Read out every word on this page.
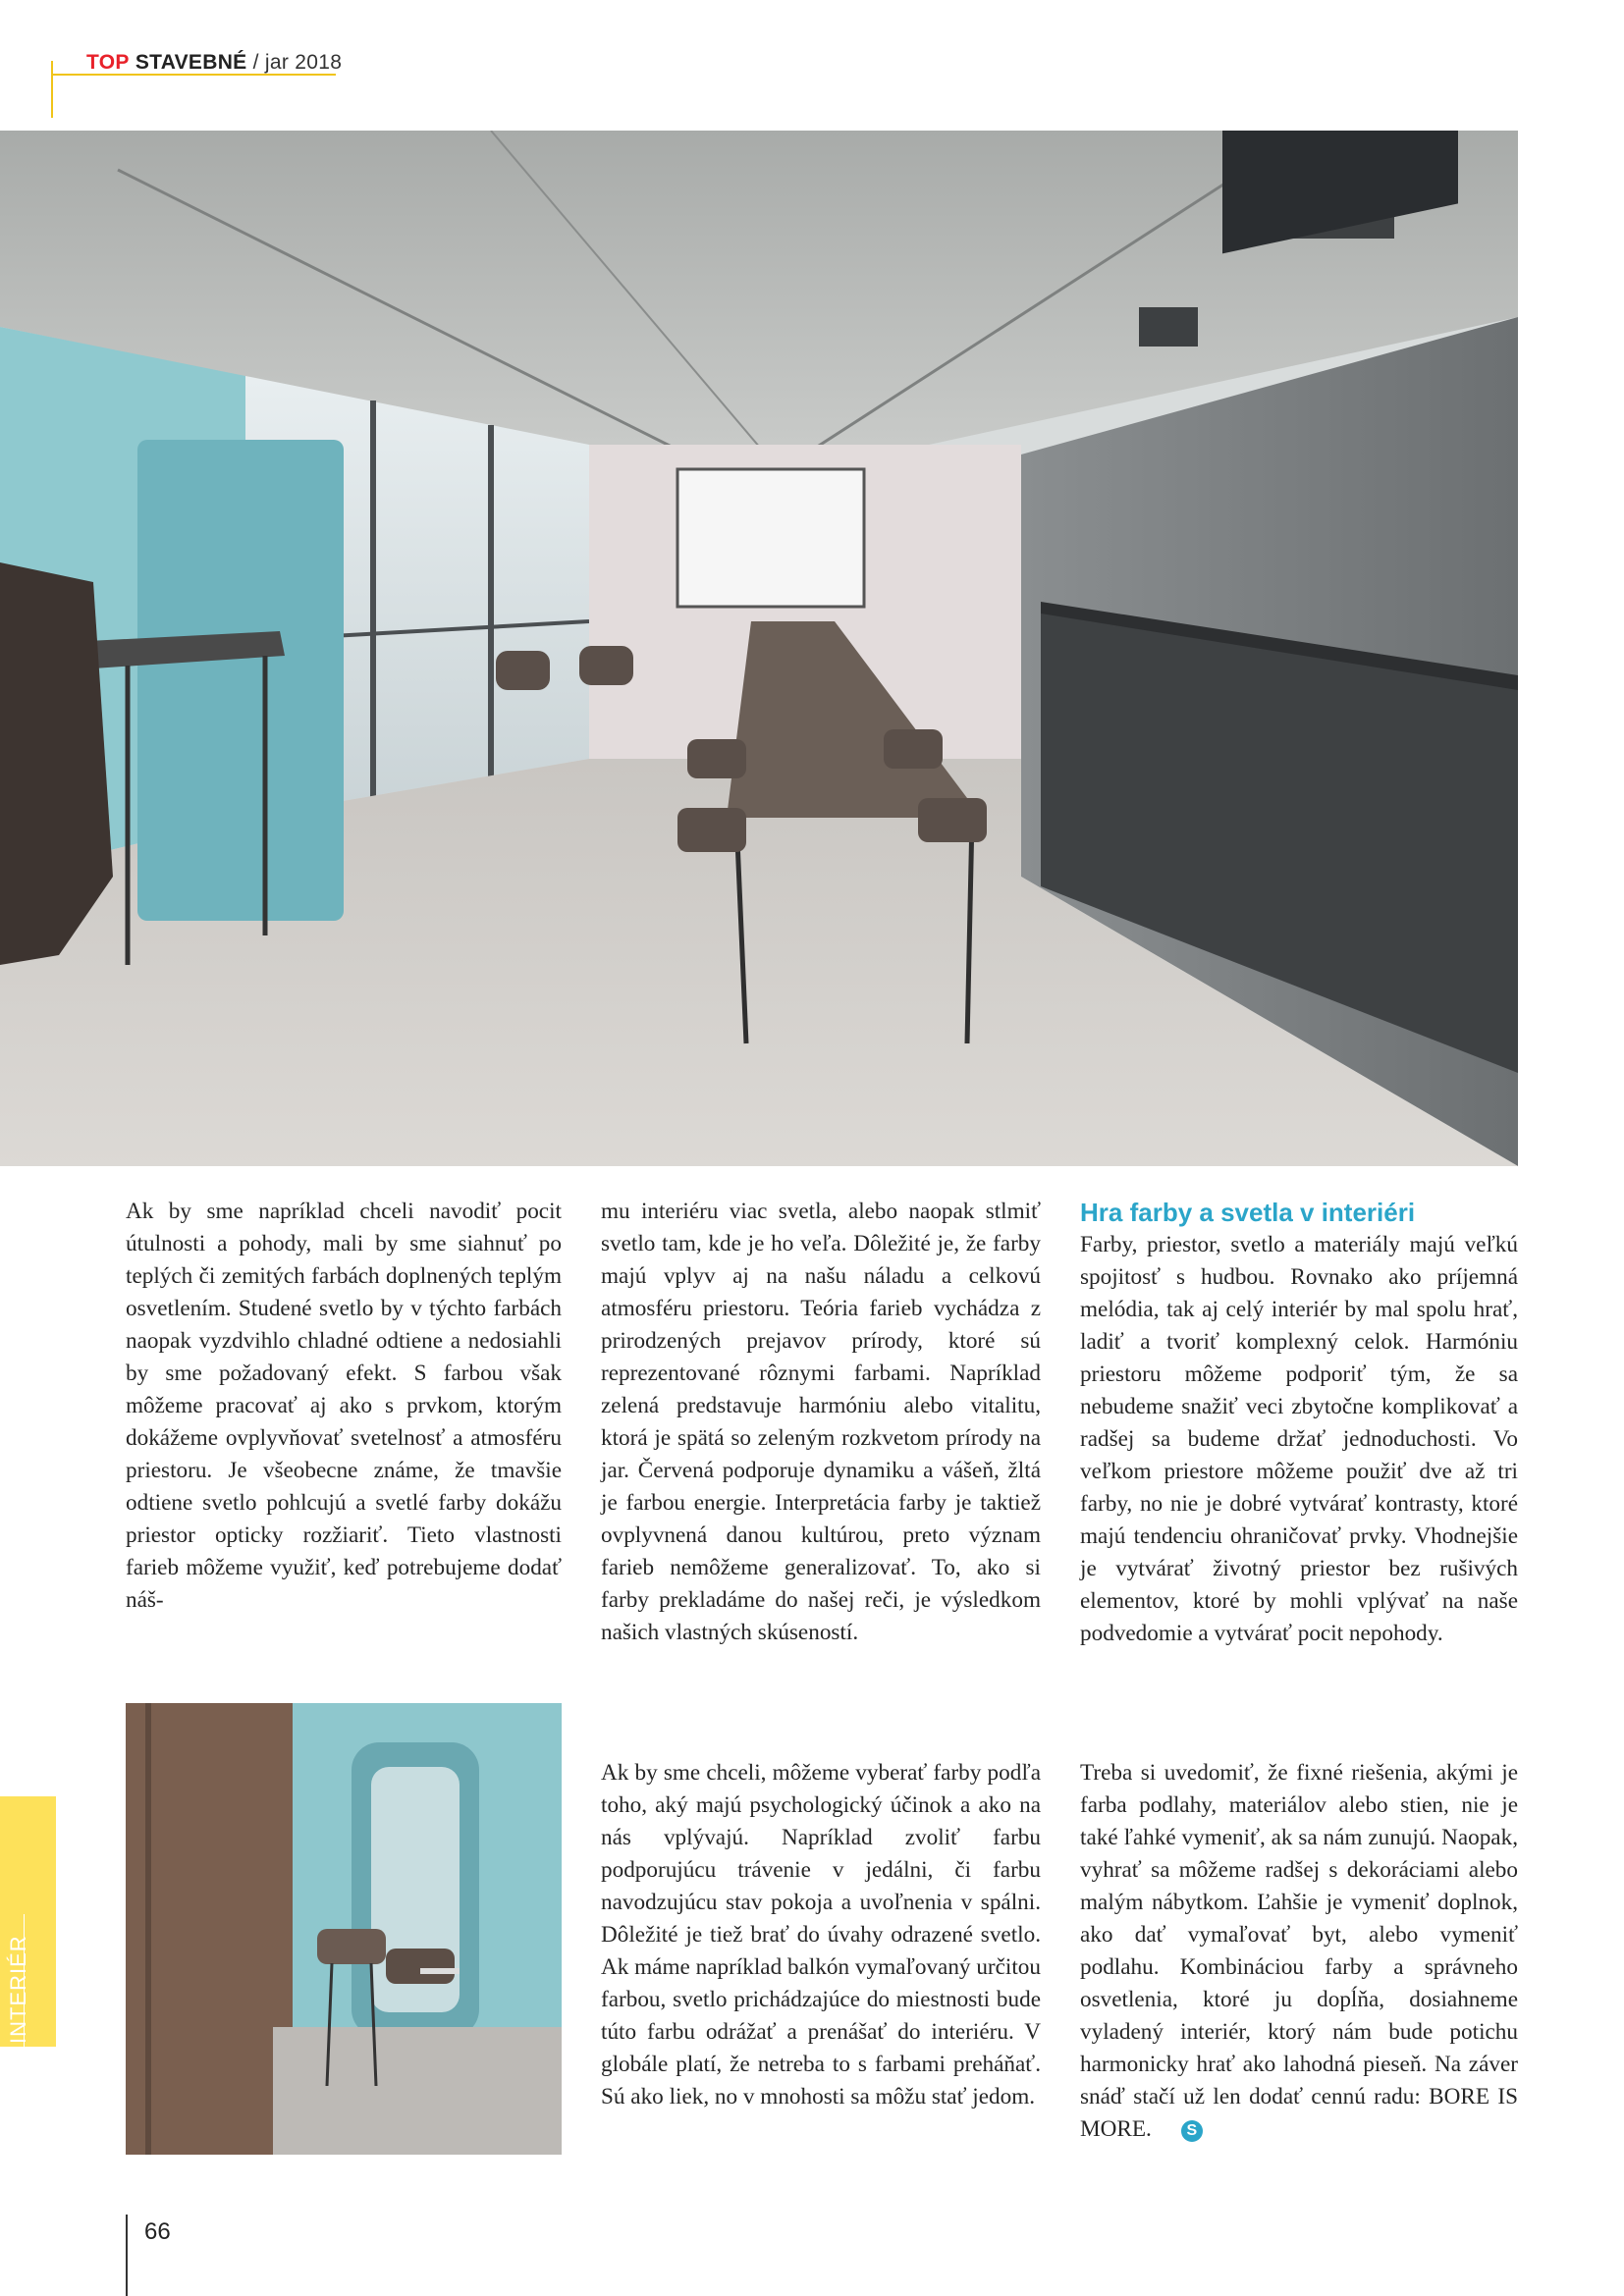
TOP STAVEBNÉ / jar 2018

Ak by sme napríklad chceli navodiť pocit útulnosti a pohody, mali by sme siahnuť po teplých či zemitých farbách doplnených teplým osvetlením. Studené svetlo by v týchto farbách naopak vyzdvihlo chladné odtiene a nedosiahli by sme požadovaný efekt. S farbou však môžeme pracovať aj ako s prvkom, ktorým dokážeme ovplyvňovať svetelnosť a atmosféru priestoru. Je všeobecne známe, že tmavšie odtiene svetlo pohlcujú a svetlé farby dokážu priestor opticky rozžiariť. Tieto vlastnosti farieb môžeme využiť, keď potrebujeme dodať náš-

mu interiéru viac svetla, alebo naopak stlmiť svetlo tam, kde je ho veľa. Dôležité je, že farby majú vplyv aj na našu náladu a celkovú atmosféru priestoru. Teória farieb vychádza z prirodzených prejavov prírody, ktoré sú reprezentované rôznymi farbami. Napríklad zelená predstavuje harmóniu alebo vitalitu, ktorá je spätá so zeleným rozkvetom prírody na jar. Červená podporuje dynamiku a vášeň, žltá je farbou energie. Interpretácia farby je taktiež ovplyvnená danou kultúrou, preto význam farieb nemôžeme generalizovať. To, ako si farby prekladáme do našej reči, je výsledkom našich vlastných skúseností.

Ak by sme chceli, môžeme vyberať farby podľa toho, aký majú psychologický účinok a ako na nás vplývajú. Napríklad zvoliť farbu podporujúcu trávenie v jedálni, či farbu navodzujúcu stav pokoja a uvoľnenia v spálni. Dôležité je tiež brať do úvahy odrazené svetlo. Ak máme napríklad balkón vymaľovaný určitou farbou, svetlo prichádzajúce do miestnosti bude túto farbu odrážať a prenášať do interiéru. V globále platí, že netreba to s farbami preháňať. Sú ako liek, no v mnohosti sa môžu stať jedom.

Hra farby a svetla v interiéri

Farby, priestor, svetlo a materiály majú veľkú spojitosť s hudbou. Rovnako ako príjemná melódia, tak aj celý interiér by mal spolu hrať, ladiť a tvoriť komplexný celok. Harmóniu priestoru môžeme podporiť tým, že sa nebudeme snažiť veci zbytočne komplikovať a radšej sa budeme držať jednoduchosti. Vo veľkom priestore môžeme použiť dve až tri farby, no nie je dobré vytvárať kontrasty, ktoré majú tendenciu ohraničovať prvky. Vhodnejšie je vytvárať životný priestor bez rušivých elementov, ktoré by mohli vplývať na naše podvedomie a vytvárať pocit nepohody.

Treba si uvedomiť, že fixné riešenia, akými je farba podlahy, materiálov alebo stien, nie je také ľahké vymeniť, ak sa nám zunujú. Naopak, vyhrať sa môžeme radšej s dekoráciami alebo malým nábytkom. Ľahšie je vymeniť doplnok, ako dať vymaľovať byt, alebo vymeniť podlahu. Kombináciou farby a správneho osvetlenia, ktoré ju dopĺňa, dosiahneme vyladený interiér, ktorý nám bude potichu harmonicky hrať ako lahodná pieseň. Na záver snáď stačí už len dodať cennú radu: BORE IS MORE. S

INTERIÉR
66
